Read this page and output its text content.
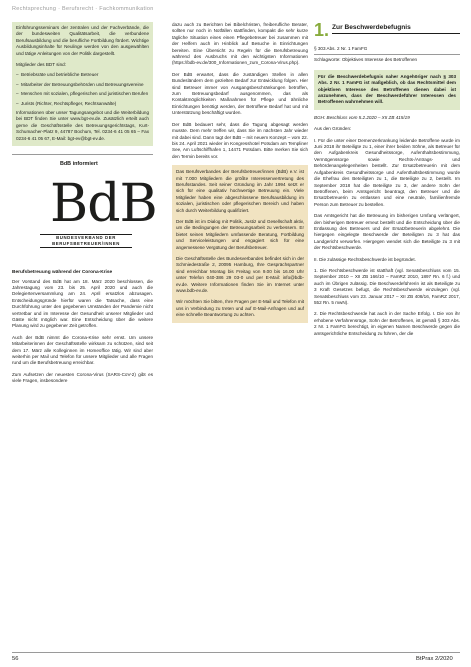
Rechtsprechung · Berufsrecht · Fachkommunikation

Einführungsseminars der zentralen und der Fachverbände, die der bundesweiten Qualitätsarbeit, die verbundene Berufsausbildung und die berufliche Fortbildung fördert. Wichtige Ausbildungsinhalte für Neulinge werden von den ausgewählten und tätige Anleitungen von der Politik dargestellt.

Mitglieder des BDT sind:

– Betriebsräte und betriebliche Betreuer
– Mitarbeiter der Betreuungsbehörden und Betreuungsvereine
– Menschen mit sozialen, pflegerischen und juristischen Berufen
– Jurists (Richter, Rechtspfleger, Rechtsanwälte)

Informationen über unser Tagungsangebot und die Weiterbildung bei BDT finden Sie unter www.bgt-ev.de. Zusätzlich erteilt auch gerne die Geschäftsstelle des Betreuungsgerichtstags, Kurt-Schumacher-Platz 9, 44787 Bochum, Tel. 0234-6 41 05 65 – Fax 0234-6 41 05 67, E-Mail: bgt-ev@bgt-ev.de.

BdB informiert
BdB
BUNDESVERBAND DER
BERUFSBETREUER/INNEN
Berufsbetreuung während der Corona-Krise

Der Vorstand des BdB hat am 18. März 2020 beschlossen, die Jahrestagung vom 23. bis 25. April 2020 und auch die Delegiertenversammlung am 24. April ersatzlos abzusagen. Entscheidungsgründe hierfür waren die Tatsache, dass eine Durchführung unter den gegebenen Umständen der Pandemie nicht vertretbar und im Interesse der Gesundheit unserer Mitglieder und Gäste nicht möglich war. Eine Entscheidung über die weitere Planung wird zu gegebener Zeit getroffen.

Auch der BdB nimmt die Corona-Krise sehr ernst. Um unsere Mitarbeiterinnen der Geschäftsstelle wirksam zu schützen, sind seit dem 17. März alle Kolleginnen im Homeoffice tätig. Wir sind aber weiterhin per Mail und Telefon für unsere Mitglieder und alle Fragen rund um die Berufsbetreuung erreichbar.

Zum Aufsetzen der neuesten Corona-Virus (SARS-CoV-2) gibt es viele Fragen, insbesondere

dazu auch zu Berichten bei Bibelchristen, freiberufliche Berater, sollten nur noch in Notfällen stattfinden, kompakt die sehr kurze tägliche Situation eines einen Pflegebetreuer bei zusammen mit der Helfern auch im Hinblick auf Besuche in Einrichtungen bereiten. Eine Übersicht zu Regeln für die Berufsbetreuung während des Ausbruchs mit den wichtigsten Informationen (https://bdb-ev.de/300_Informationen_zum_Corona-Virus.php).

Der BdB erwartet, dass die zuständigen Stellen in allen Bundesländern dem gezielten Bedarf zur Entwicklung folgen. Hier sind Betreuer immer von Ausgangsbeschränkungen betroffen, zum Betreuungsbedarf ausgenommen, das als Kontaktmöglichkeiten Maßnahmen für Pflege und ähnliche Einrichtungen benötigt werden, der Betroffene Bedarf hat und mit Unterstützung beschäftigt wurden.

Der BdB bedauert sehr, dass die Tagung abgesagt werden musste. Dem mehr treffen wir, dass Sie im nächsten Jahr wieder mit dabei sind. Dann tagt der BdB – mit neuem Konzept – vom 22. bis 24. April 2021 wieder im Kongresshotel Potsdam am Templiner See, Am Luftschiffhafen 1, 14471 Potsdam. Bitte merken Sie sich den Termin bereits vor.

Das Berufsverbandes der Berufsbetreuer/innen (BdB) e.V. ist mit 7.000 Mitgliedern die größte Interessenvertretung des Berufsstandes. Seit seiner Gründung im Jahr 1994 setzt er sich für eine qualitativ hochwertige Betreuung ein. Viele Mitglieder haben eine abgeschlossene Berufsausbildung im sozialen, juristischen oder pflegerischen Bereich und haben sich durch Weiterbildung qualifiziert.

Der BdB ist im Dialog mit Politik, Justiz und Gesellschaft aktiv, um die Bedingungen der Betreuungsarbeit zu verbessern. Er bietet seinen Mitgliedern umfassende Beratung, Fortbildung und Serviceleistungen und engagiert sich für eine angemessene Vergütung der Berufsbetreuer.

Die Geschäftsstelle des Bundesverbandes befindet sich in der Schmiedestraße 2, 20095 Hamburg, Ihre Gesprächspartner sind erreichbar Montag bis Freitag von 9.00 bis 16.00 Uhr unter Telefon 040-386 29 03-0 und per E-Mail: info@bdb-ev.de. Weitere Informationen finden Sie im Internet unter www.bdb-ev.de.

Wir möchten Sie bitten, Ihre Fragen per E-Mail und Telefon mit uns in Verbindung zu treten und auf E-Mail-Anfragen und auf eine schnelle Beantwortung zu achten.

1. Zur Beschwerdebefugnis
§ 303 Abs. 2 Nr. 1 FamFG
Schlagworte: Objektives Interesse des Betroffenen

Für die Beschwerdebefugnis naher Angehöriger nach § 303 Abs. 2 Nr. 1 FamFG ist maßgeblich, ob das Rechtsmittel dem objektiven Interesse des Betroffenen dienen dabei ist anzunehmen, dass der Beschwerdeführer Interessen des Betroffenen wahrnehmen will.

BGH: Beschluss vom 5.2.2020 – XII ZB 415/19

Aus den Gründen:

I. Für die unter einer Demenzerkrankung leidende Betroffene wurde im Juni 2018 ihr Beteiligte zu 1, einer ihrer beiden Söhne, als Betreuer für den Aufgabenkreis Gesundheitssorge, Aufenthaltsbestimmung, Vermögenssorge sowie Rechts-/Antrags- und Behördenangelegenheiten bestellt. Zur Ersatzbetreuerin mit dem Aufgabenkreis Gesundheitssorge und Aufenthaltsbestimmung wurde die Ehefrau des Beteiligten zu 1, die Beteiligte zu 2, bestellt. Im September 2018 hat die Beteiligte zu 3, der andere Sohn der Betroffenen, beim Amtsgericht beantragt, den Betreuer und die Ersatzbetreuerin zu entlassen und eine neutrale, familienfremde Person zum Betreuer zu bestellen.

Das Amtsgericht hat die Betreuung im bisherigen Umfang verlängert, den bisherigen Betreuer erneut bestellt und die Entscheidung über die Entlassung des Betreuers und der Ersatzbetreuerin abgelehnt. Die hiergegen eingelegte Beschwerde der Beteiligten zu 3 hat das Landgericht verworfen. Hiergegen wendet sich die Beteiligte zu 3 mit der Rechtsbeschwerde.

II. Die zulässige Rechtsbeschwerde ist begründet.

1. Die Rechtsbeschwerde ist statthaft (vgl. Senatsbeschluss vom 15. September 2010 – XII ZB 166/10 – FamRZ 2010, 1897 Rn. 6 f.) und auch im Übrigen zulässig. Die Beschwerdeführerin ist als Beteiligte zu 3 Kraft Gesetzes befugt, die Rechtsbeschwerde einzulegen (vgl. Senatsbeschluss vom 23. Januar 2017 – XII ZB 408/16, FamRZ 2017, 552 Rn. 5 mwN).

2. Die Rechtsbeschwerde hat auch in der Sache Erfolg. I. Die von ihr erhobene Verfahrensrüge, Sohn der Betroffenen, ist gemäß § 303 Abs. 2 Nr. 1 FamFG berechtigt, im eigenen Namen Beschwerde gegen die amtsgerichtliche Entscheidung zu führen, der die

56	BtPrax 2/2020
